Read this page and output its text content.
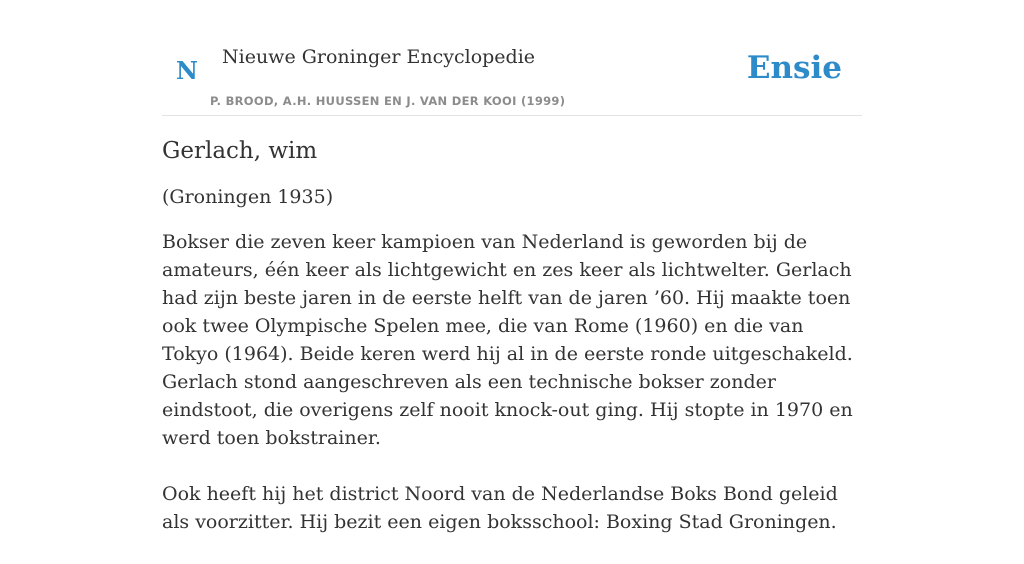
N Nieuwe Groninger Encyclopedie
P. BROOD, A.H. HUUSSEN EN J. VAN DER KOOI (1999)
Ensie
Gerlach, wim

(Groningen 1935)

Bokser die zeven keer kampioen van Nederland is geworden bij de amateurs, één keer als lichtgewicht en zes keer als lichtwelter. Gerlach had zijn beste jaren in de eerste helft van de jaren ’60. Hij maakte toen ook twee Olympische Spelen mee, die van Rome (1960) en die van Tokyo (1964). Beide keren werd hij al in de eerste ronde uitgeschakeld. Gerlach stond aangeschreven als een technische bokser zonder eindstoot, die overigens zelf nooit knock-out ging. Hij stopte in 1970 en werd toen bokstrainer.

Ook heeft hij het district Noord van de Nederlandse Boks Bond geleid als voorzitter. Hij bezit een eigen boksschool: Boxing Stad Groningen.
